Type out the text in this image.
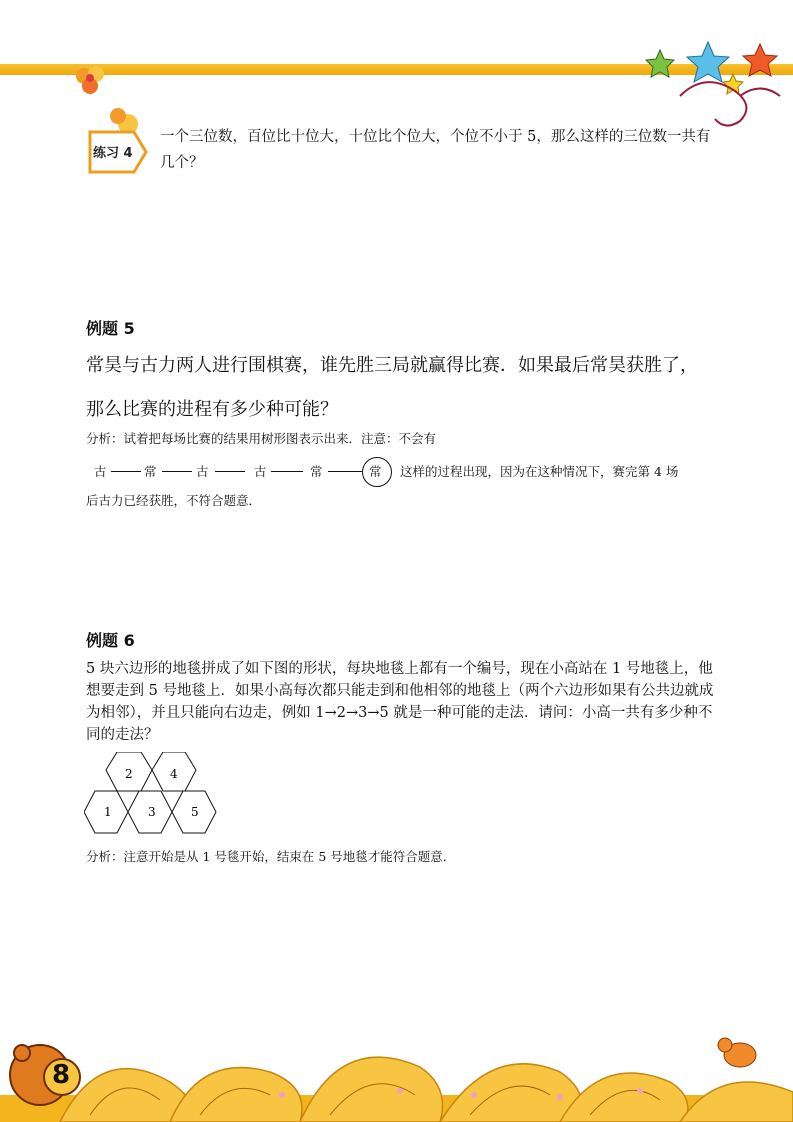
练习 4
一个三位数，百位比十位大，十位比个位大，个位不小于 5，那么这样的三位数一共有几个？
例题 5
常昊与古力两人进行围棋赛，谁先胜三局就赢得比赛．如果最后常昊获胜了，
那么比赛的进程有多少种可能？
分析：试着把每场比赛的结果用树形图表示出来．注意：不会有
古	常	古	古	常	常 这样的过程出现，因为在这种情况下，赛完第 4 场
后古力已经获胜，不符合题意．
例题 6
5 块六边形的地毯拼成了如下图的形状，每块地毯上都有一个编号，现在小高站在 1 号地毯上，他想要走到 5 号地毯上．如果小高每次都只能走到和他相邻的地毯上（两个六边形如果有公共边就成为相邻），并且只能向右边走，例如 1→2→3→5 就是一种可能的走法．请问：小高一共有多少种不同的走法？
1
2
3
4
5
分析：注意开始是从 1 号毯开始，结束在 5 号地毯才能符合题意．
8
